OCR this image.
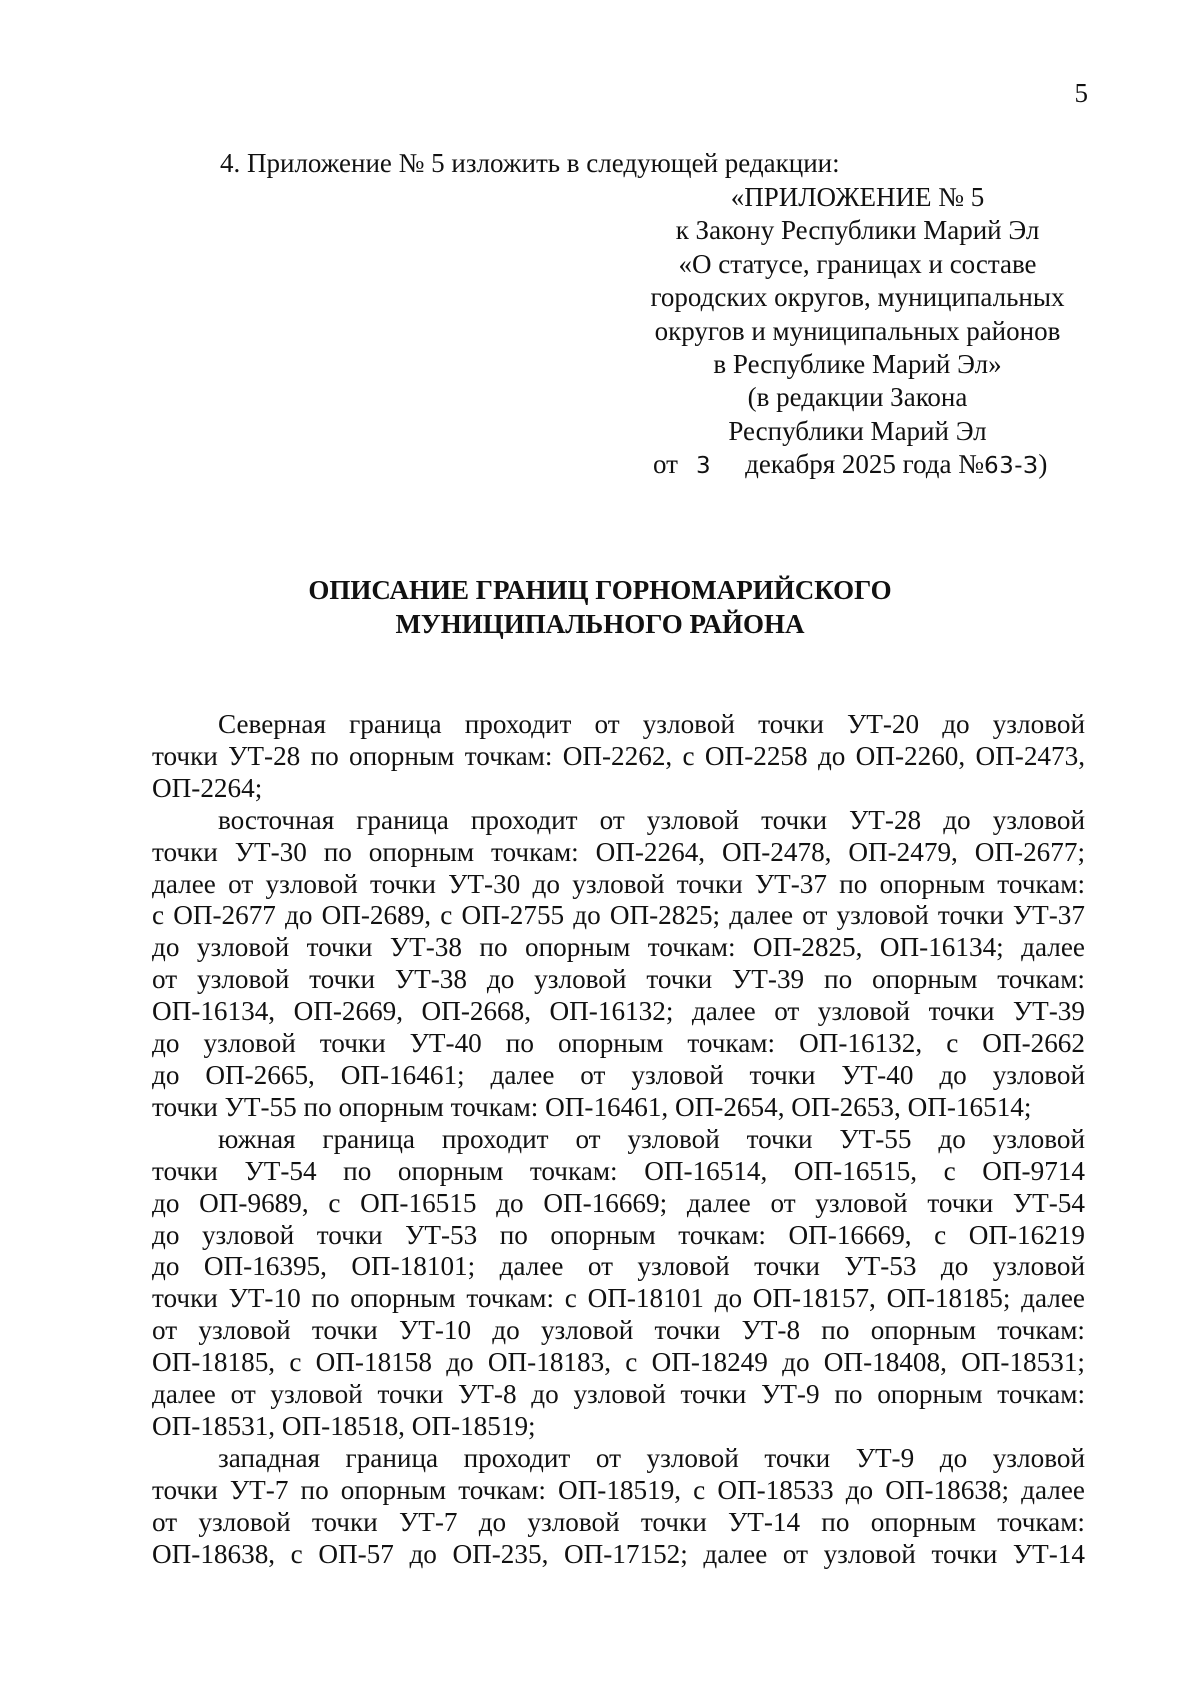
5
4. Приложение № 5 изложить в следующей редакции:
«ПРИЛОЖЕНИЕ № 5
к Закону Республики Марий Эл
«О статусе, границах и составе
городских округов, муниципальных
округов и муниципальных районов
в Республике Марий Эл»
(в редакции Закона
Республики Марий Эл
от 3 декабря 2025 года №63-З)
ОПИСАНИЕ ГРАНИЦ ГОРНОМАРИЙСКОГО
МУНИЦИПАЛЬНОГО РАЙОНА
Северная граница проходит от узловой точки УТ-20 до узловой
точки УТ-28 по опорным точкам: ОП-2262, с ОП-2258 до ОП-2260, ОП-2473,
ОП-2264;
восточная граница проходит от узловой точки УТ-28 до узловой
точки УТ-30 по опорным точкам: ОП-2264, ОП-2478, ОП-2479, ОП-2677;
далее от узловой точки УТ-30 до узловой точки УТ-37 по опорным точкам:
с ОП-2677 до ОП-2689, с ОП-2755 до ОП-2825; далее от узловой точки УТ-37
до узловой точки УТ-38 по опорным точкам: ОП-2825, ОП-16134; далее
от узловой точки УТ-38 до узловой точки УТ-39 по опорным точкам:
ОП-16134, ОП-2669, ОП-2668, ОП-16132; далее от узловой точки УТ-39
до узловой точки УТ-40 по опорным точкам: ОП-16132, с ОП-2662
до ОП-2665, ОП-16461; далее от узловой точки УТ-40 до узловой
точки УТ-55 по опорным точкам: ОП-16461, ОП-2654, ОП-2653, ОП-16514;
южная граница проходит от узловой точки УТ-55 до узловой
точки УТ-54 по опорным точкам: ОП-16514, ОП-16515, с ОП-9714
до ОП-9689, с ОП-16515 до ОП-16669; далее от узловой точки УТ-54
до узловой точки УТ-53 по опорным точкам: ОП-16669, с ОП-16219
до ОП-16395, ОП-18101; далее от узловой точки УТ-53 до узловой
точки УТ-10 по опорным точкам: с ОП-18101 до ОП-18157, ОП-18185; далее
от узловой точки УТ-10 до узловой точки УТ-8 по опорным точкам:
ОП-18185, с ОП-18158 до ОП-18183, с ОП-18249 до ОП-18408, ОП-18531;
далее от узловой точки УТ-8 до узловой точки УТ-9 по опорным точкам:
ОП-18531, ОП-18518, ОП-18519;
западная граница проходит от узловой точки УТ-9 до узловой
точки УТ-7 по опорным точкам: ОП-18519, с ОП-18533 до ОП-18638; далее
от узловой точки УТ-7 до узловой точки УТ-14 по опорным точкам:
ОП-18638, с ОП-57 до ОП-235, ОП-17152; далее от узловой точки УТ-14
